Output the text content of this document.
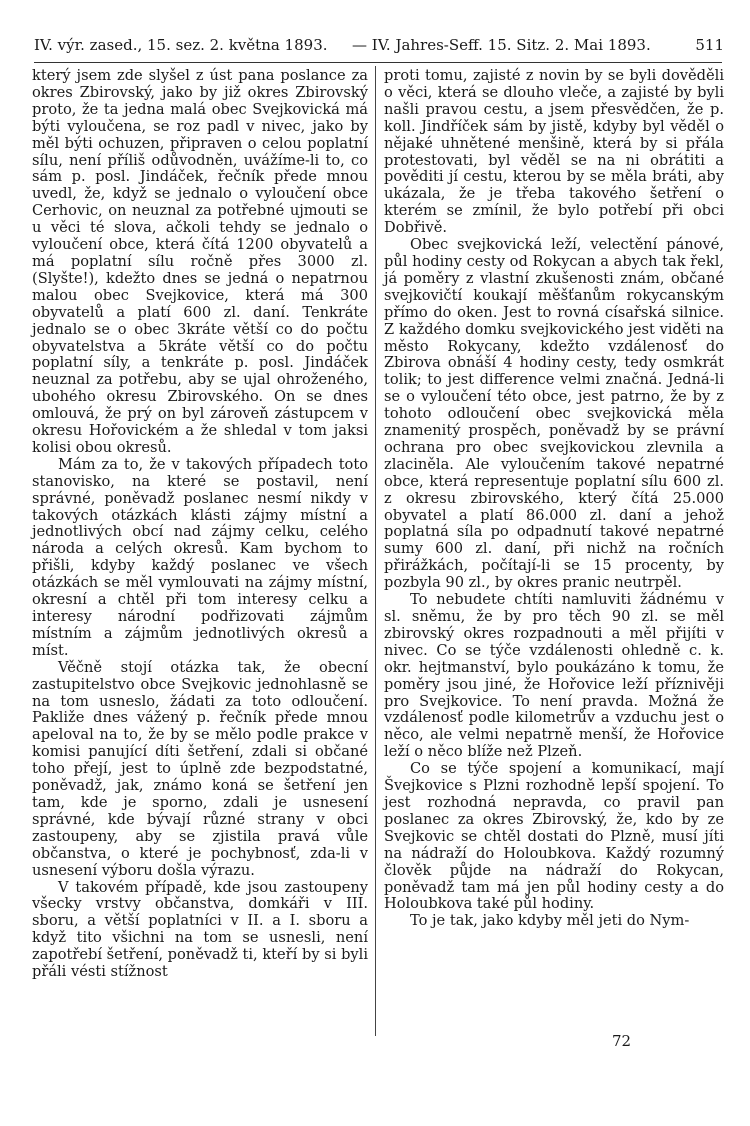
IV. výr. zased., 15. sez. 2. května 1893. — IV. Jahres-Seff. 15. Sitz. 2. Mai 1893.	511

který jsem zde slyšel z úst pana poslance za okres Zbirovský, jako by již okres Zbirovský proto, že ta jedna malá obec Svejkovická má býti vyloučena, se roz padl v nivec, jako by měl býti ochuzen, připraven o celou poplatní sílu, není příliš odůvodněn, uvážíme-li to, co sám p. posl. Jindáček, řečník přede mnou uvedl, že, když se jednalo o vyloučení obce Cerhovic, on neuznal za potřebné ujmouti se u věci té slova, ačkoli tehdy se jednalo o vyloučení obce, která čítá 1200 obyvatelů a má poplatní sílu ročně přes 3000 zl. (Slyšte!), kdežto dnes se jedná o nepatrnou malou obec Svejkovice, která má 300 obyvatelů a platí 600 zl. daní. Tenkráte jednalo se o obec 3kráte větší co do počtu obyvatelstva a 5kráte větší co do počtu poplatní síly, a tenkráte p. posl. Jindáček neuznal za potřebu, aby se ujal ohroženého, ubohého okresu Zbirovského. On se dnes omlouvá, že prý on byl zároveň zástupcem v okresu Hořovickém a že shledal v tom jaksi kolisi obou okresů.

Mám za to, že v takových případech toto stanovisko, na které se postavil, není správné, poněvadž poslanec nesmí nikdy v takových otázkách klásti zájmy místní a jednotlivých obcí nad zájmy celku, celého národa a celých okresů. Kam bychom to přišli, kdyby každý poslanec ve všech otázkách se měl vymlouvati na zájmy místní, okresní a chtěl při tom interesy celku a interesy národní podřizovati zájmům místním a zájmům jednotlivých okresů a míst.

Věčně stojí otázka tak, že obecní zastupitelstvo obce Svejkovic jednohlasně se na tom usneslo, žádati za toto odloučení. Pakliže dnes vážený p. řečník přede mnou apeloval na to, že by se mělo podle prakce v komisi panující díti šetření, zdali si občané toho přejí, jest to úplně zde bezpodstatné, poněvadž, jak, známo koná se šetření jen tam, kde je sporno, zdali je usnesení správné, kde bývají různé strany v obci zastoupeny, aby se zjistila pravá vůle občanstva, o které je pochybnosť, zda-li v usnesení výboru došla výrazu.

V takovém případě, kde jsou zastoupeny všecky vrstvy občanstva, domkáři v III. sboru, a větší poplatníci v II. a I. sboru a když tito všichni na tom se usnesli, není zapotřebí šetření, poněvadž ti, kteří by si byli přáli vésti stížnost

proti tomu, zajisté z novin by se byli dověděli o věci, která se dlouho vleče, a zajisté by byli našli pravou cestu, a jsem přesvědčen, že p. koll. Jindříček sám by jistě, kdyby byl věděl o nějaké uhnětené menšině, která by si přála protestovati, byl věděl se na ni obrátiti a pověditi jí cestu, kterou by se měla bráti, aby ukázala, že je třeba takového šetření o kterém se zmínil, že bylo potřebí při obci Dobřivě.

Obec svejkovická leží, velectění pánové, půl hodiny cesty od Rokycan a abych tak řekl, já poměry z vlastní zkušenosti znám, občané svejkovičtí koukají měšťanům rokycanským přímo do oken. Jest to rovná císařská silnice. Z každého domku svejkovického jest viděti na město Rokycany, kdežto vzdálenosť do Zbirova obnáší 4 hodiny cesty, tedy osmkrát tolik; to jest difference velmi značná. Jedná-li se o vyloučení této obce, jest patrno, že by z tohoto odloučení obec svejkovická měla znamenitý prospěch, poněvadž by se právní ochrana pro obec svejkovickou zlevnila a zlaciněla. Ale vyloučením takové nepatrné obce, která representuje poplatní sílu 600 zl. z okresu zbirovského, který čítá 25.000 obyvatel a platí 86.000 zl. daní a jehož poplatná síla po odpadnutí takové nepatrné sumy 600 zl. daní, při nichž na ročních přirážkách, počítají-li se 15 procenty, by pozbyla 90 zl., by okres pranic neutrpěl.

To nebudete chtíti namluviti žádnému v sl. sněmu, že by pro těch 90 zl. se měl zbirovský okres rozpadnouti a měl přijíti v nivec. Co se týče vzdálenosti ohledně c. k. okr. hejtmanství, bylo poukázáno k tomu, že poměry jsou jiné, že Hořovice leží příznivěji pro Svejkovice. To není pravda. Možná že vzdálenosť podle kilometrův a vzduchu jest o něco, ale velmi nepatrně menší, že Hořovice leží o něco blíže než Plzeň.

Co se týče spojení a komunikací, mají Švejkovice s Plzni rozhodně lepší spojení. To jest rozhodná nepravda, co pravil pan poslanec za okres Zbirovský, že, kdo by ze Svejkovic se chtěl dostati do Plzně, musí jíti na nádraží do Holoubkova. Každý rozumný člověk půjde na nádraží do Rokycan, poněvadž tam má jen půl hodiny cesty a do Holoubkova také půl hodiny.

To je tak, jako kdyby měl jeti do Nym-

72
